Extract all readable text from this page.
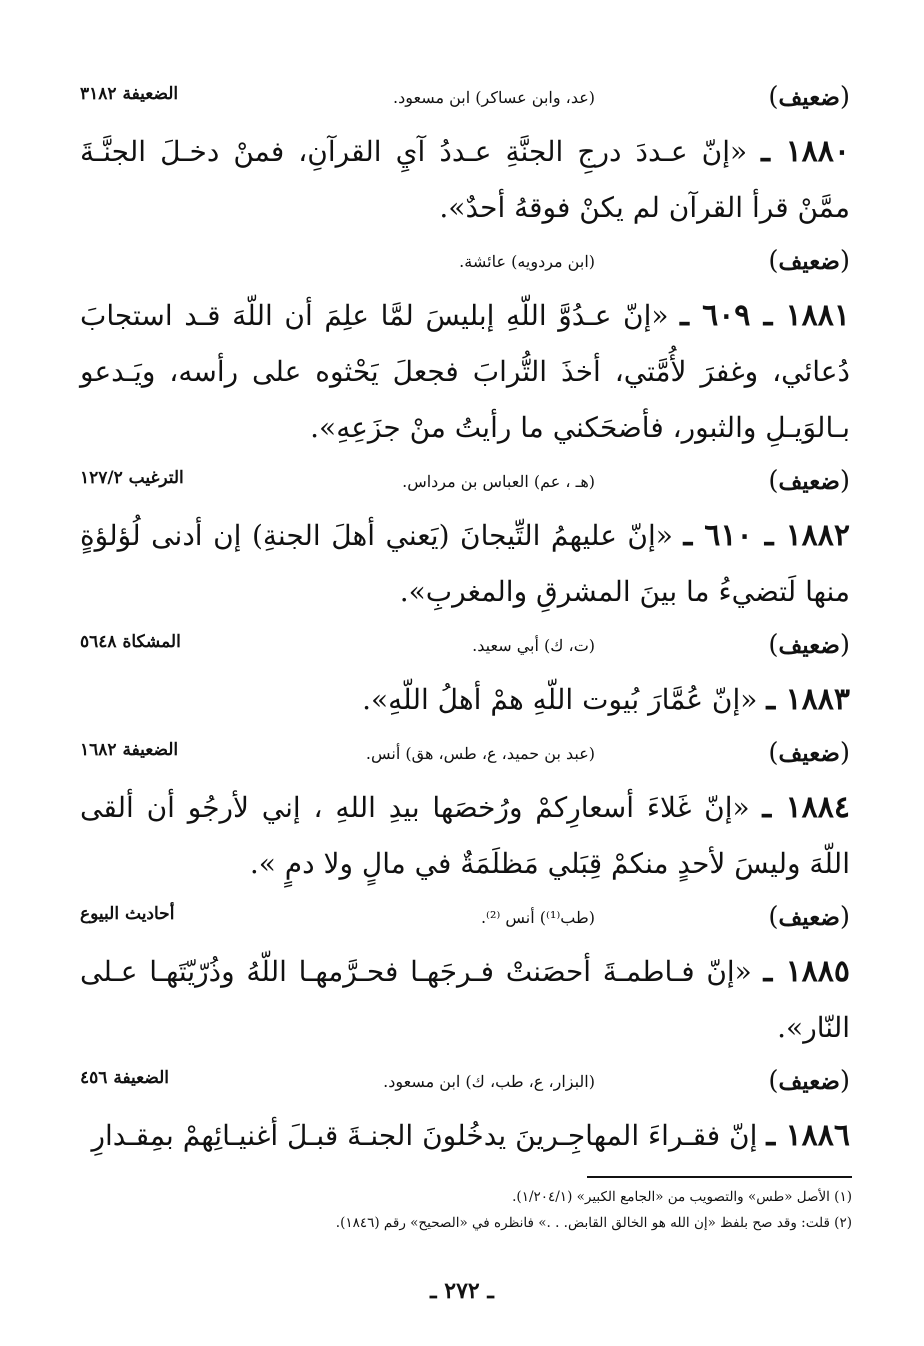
(ضعيف)
(عد، وابن عساكر) ابن مسعود.
الضعيفة ٣١٨٢
١٨٨٠ ـ «إنّ عـددَ درجِ الجنَّةِ عـددُ آيِ القرآنِ، فمنْ دخـلَ الجنَّـةَ ممَّنْ قرأ القرآن لم يكنْ فوقهُ أحدٌ».
(ضعيف)
(ابن مردويه) عائشة.
١٨٨١ ـ ٦٠٩ ـ «إنّ عـدُوَّ اللّهِ إبليسَ لمَّا علِمَ أن اللّهَ قـد استجابَ دُعائي، وغفرَ لأُمَّتي، أخذَ التُّرابَ فجعلَ يَحْثوه على رأسه، ويَـدعو بـالوَيـلِ والثبور، فأضحَكني ما رأيتُ منْ جزَعِهِ».
(ضعيف)
(هـ ، عم) العباس بن مرداس.
الترغيب ١٢٧/٢
١٨٨٢ ـ ٦١٠ ـ «إنّ عليهمُ التِّيجانَ (يَعني أهلَ الجنةِ) إن أدنى لُؤلؤةٍ منها لَتضيءُ ما بينَ المشرقِ والمغربِ».
(ضعيف)
(ت، ك) أبي سعيد.
المشكاة ٥٦٤٨
١٨٨٣ ـ «إنّ عُمَّارَ بُيوت اللّهِ همْ أهلُ اللّهِ».
(ضعيف)
(عبد بن حميد، ع، طس، هق) أنس.
الضعيفة ١٦٨٢
١٨٨٤ ـ «إنّ غَلاءَ أسعارِكمْ ورُخصَها بيدِ اللهِ ، إني لأرجُو أن ألقى اللّهَ وليسَ لأحدٍ منكمْ قِبَلي مَظلَمَةٌ في مالٍ ولا دمٍ ».
(ضعيف)
(طب⁽¹⁾) أنس ⁽²⁾.
أحاديث البيوع
١٨٨٥ ـ «إنّ فـاطمـةَ أحصَنتْ فـرجَهـا فحـرَّمهـا اللّهُ وذُرّيّتَهـا عـلى النّار».
(ضعيف)
(البزار، ع، طب، ك) ابن مسعود.
الضعيفة ٤٥٦
١٨٨٦ ـ إنّ فقـراءَ المهاجِـرينَ يدخُلونَ الجنـةَ قبـلَ أغنيـائِهمْ بمِقـدارِ
(١) الأصل «طس» والتصويب من «الجامع الكبير» (١/٢٠٤/١).
(٢) قلت: وقد صح بلفظ «إن الله هو الخالق القابض. . .» فانظره في «الصحيح» رقم (١٨٤٦).
ـ ٢٧٢ ـ
